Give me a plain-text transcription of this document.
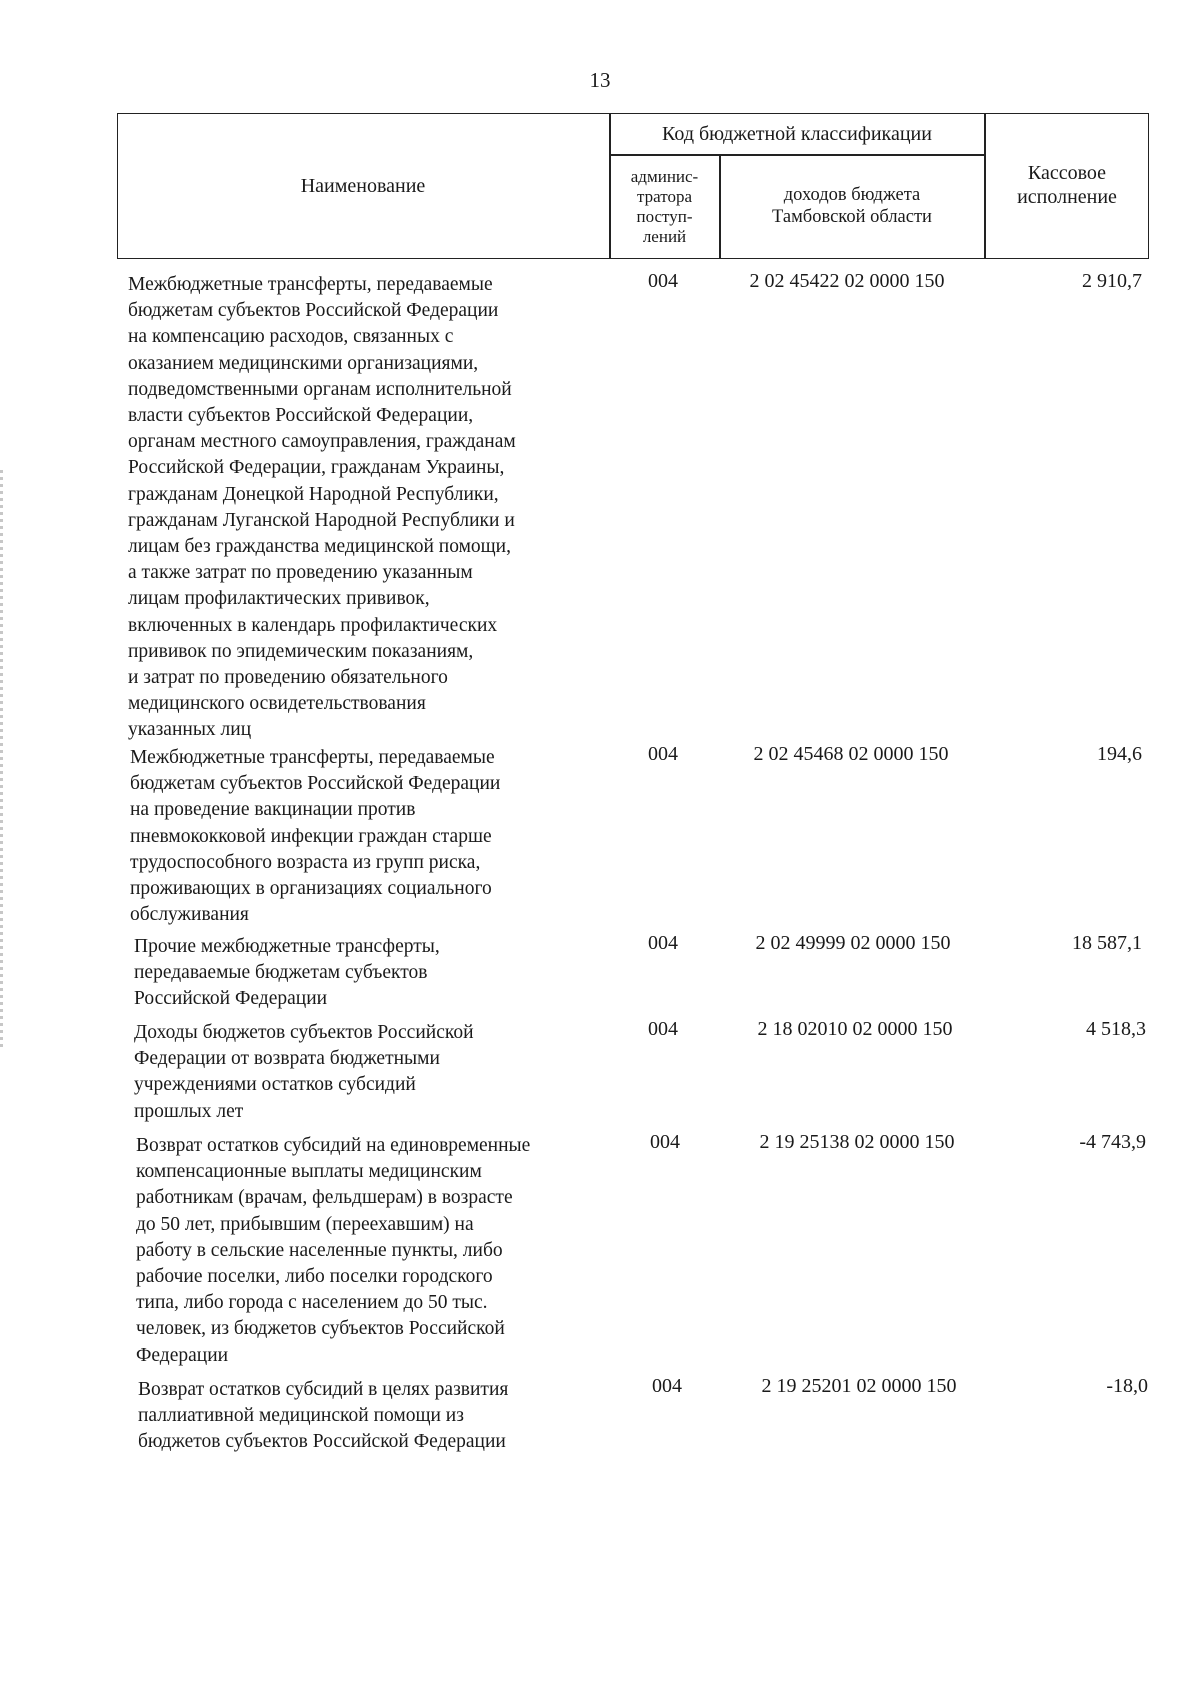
13
Наименование
Код бюджетной классификации
админис-
тратора
поступ-
лений
доходов бюджета
Тамбовской области
Кассовое
исполнение
Межбюджетные трансферты, передаваемые
бюджетам субъектов Российской Федерации
на компенсацию расходов, связанных с
оказанием медицинскими организациями,
подведомственными органам исполнительной
власти субъектов Российской Федерации,
органам местного самоуправления, гражданам
Российской Федерации, гражданам Украины,
гражданам Донецкой Народной Республики,
гражданам Луганской Народной Республики и
лицам без гражданства медицинской помощи,
а также затрат по проведению указанным
лицам профилактических прививок,
включенных в календарь профилактических
прививок по эпидемическим показаниям,
и затрат по проведению обязательного
медицинского освидетельствования
указанных лиц
004	2 02 45422 02 0000 150	2 910,7
Межбюджетные трансферты, передаваемые
бюджетам субъектов Российской Федерации
на проведение вакцинации против
пневмококковой инфекции граждан старше
трудоспособного возраста из групп риска,
проживающих в организациях социального
обслуживания
004	2 02 45468 02 0000 150	194,6
Прочие межбюджетные трансферты,
передаваемые бюджетам субъектов
Российской Федерации
004	2 02 49999 02 0000 150	18 587,1
Доходы бюджетов субъектов Российской
Федерации от возврата бюджетными
учреждениями остатков субсидий
прошлых лет
004	2 18 02010 02 0000 150	4 518,3
Возврат остатков субсидий на единовременные
компенсационные выплаты медицинским
работникам (врачам, фельдшерам) в возрасте
до 50 лет, прибывшим (переехавшим) на
работу в сельские населенные пункты, либо
рабочие поселки, либо поселки городского
типа, либо города с населением до 50 тыс.
человек, из бюджетов субъектов Российской
Федерации
004	2 19 25138 02 0000 150	-4 743,9
Возврат остатков субсидий в целях развития
паллиативной медицинской помощи из
бюджетов субъектов Российской Федерации
004	2 19 25201 02 0000 150	-18,0
